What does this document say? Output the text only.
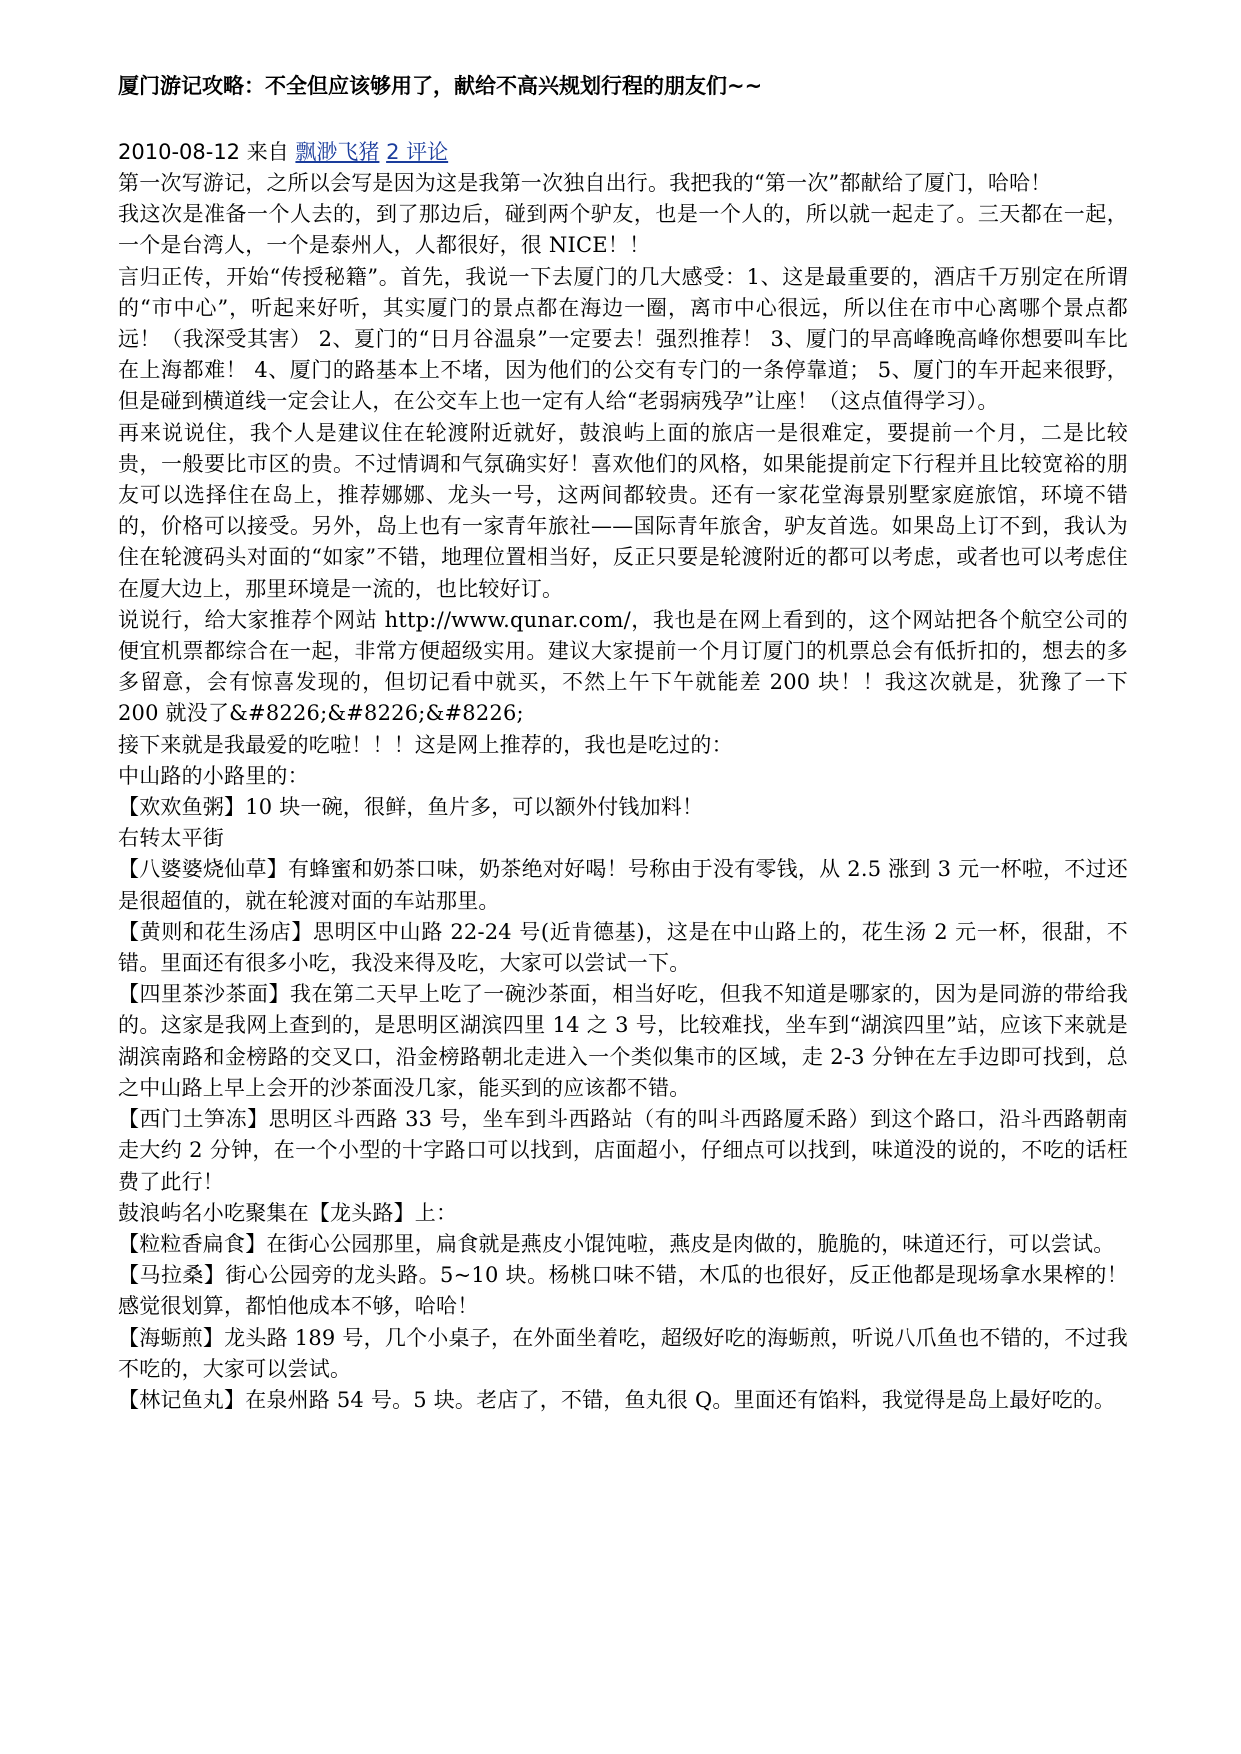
厦门游记攻略：不全但应该够用了，献给不高兴规划行程的朋友们~~
2010-08-12 来自 飘渺飞猪 2 评论

第一次写游记，之所以会写是因为这是我第一次独自出行。我把我的“第一次”都献给了厦门，哈哈！

我这次是准备一个人去的，到了那边后，碰到两个驴友，也是一个人的，所以就一起走了。三天都在一起，一个是台湾人，一个是泰州人，人都很好，很 NICE！！

言归正传，开始“传授秘籍”。首先，我说一下去厦门的几大感受：1、这是最重要的，酒店千万别定在所谓的“市中心”，听起来好听，其实厦门的景点都在海边一圈，离市中心很远，所以住在市中心离哪个景点都远！（我深受其害） 2、夏门的“日月谷温泉”一定要去！强烈推荐！ 3、厦门的早高峰晚高峰你想要叫车比在上海都难！ 4、厦门的路基本上不堵，因为他们的公交有专门的一条停靠道； 5、厦门的车开起来很野，但是碰到横道线一定会让人，在公交车上也一定有人给“老弱病残孕”让座！（这点值得学习）。

再来说说住，我个人是建议住在轮渡附近就好，鼓浪屿上面的旅店一是很难定，要提前一个月，二是比较贵，一般要比市区的贵。不过情调和气氛确实好！喜欢他们的风格，如果能提前定下行程并且比较宽裕的朋友可以选择住在岛上，推荐娜娜、龙头一号，这两间都较贵。还有一家花堂海景别墅家庭旅馆，环境不错的，价格可以接受。另外，岛上也有一家青年旅社——国际青年旅舍，驴友首选。如果岛上订不到，我认为住在轮渡码头对面的“如家”不错，地理位置相当好，反正只要是轮渡附近的都可以考虑，或者也可以考虑住在厦大边上，那里环境是一流的，也比较好订。

说说行，给大家推荐个网站 http://www.qunar.com/，我也是在网上看到的，这个网站把各个航空公司的便宜机票都综合在一起，非常方便超级实用。建议大家提前一个月订厦门的机票总会有低折扣的，想去的多多留意，会有惊喜发现的，但切记看中就买，不然上午下午就能差 200 块！！我这次就是，犹豫了一下 200 就没了&#8226;&#8226;&#8226;

接下来就是我最爱的吃啦！！！这是网上推荐的，我也是吃过的：

中山路的小路里的：

【欢欢鱼粥】10 块一碗，很鲜，鱼片多，可以额外付钱加料！

右转太平街

【八婆婆烧仙草】有蜂蜜和奶茶口味，奶茶绝对好喝！号称由于没有零钱，从 2.5 涨到 3 元一杯啦，不过还是很超值的，就在轮渡对面的车站那里。

【黄则和花生汤店】思明区中山路 22-24 号(近肯德基)，这是在中山路上的，花生汤 2 元一杯，很甜，不错。里面还有很多小吃，我没来得及吃，大家可以尝试一下。

【四里茶沙茶面】我在第二天早上吃了一碗沙茶面，相当好吃，但我不知道是哪家的，因为是同游的带给我的。这家是我网上查到的，是思明区湖滨四里 14 之 3 号，比较难找，坐车到“湖滨四里”站，应该下来就是湖滨南路和金榜路的交叉口，沿金榜路朝北走进入一个类似集市的区域，走 2-3 分钟在左手边即可找到，总之中山路上早上会开的沙茶面没几家，能买到的应该都不错。

【西门土笋冻】思明区斗西路 33 号，坐车到斗西路站（有的叫斗西路厦禾路）到这个路口，沿斗西路朝南走大约 2 分钟，在一个小型的十字路口可以找到，店面超小，仔细点可以找到，味道没的说的，不吃的话枉费了此行！

鼓浪屿名小吃聚集在【龙头路】上：

【粒粒香扁食】在街心公园那里，扁食就是燕皮小馄饨啦，燕皮是肉做的，脆脆的，味道还行，可以尝试。

【马拉桑】街心公园旁的龙头路。5~10 块。杨桃口味不错，木瓜的也很好，反正他都是现场拿水果榨的！感觉很划算，都怕他成本不够，哈哈！

【海蛎煎】龙头路 189 号，几个小桌子，在外面坐着吃，超级好吃的海蛎煎，听说八爪鱼也不错的，不过我不吃的，大家可以尝试。

【林记鱼丸】在泉州路 54 号。5 块。老店了，不错，鱼丸很 Q。里面还有馅料，我觉得是岛上最好吃的。
